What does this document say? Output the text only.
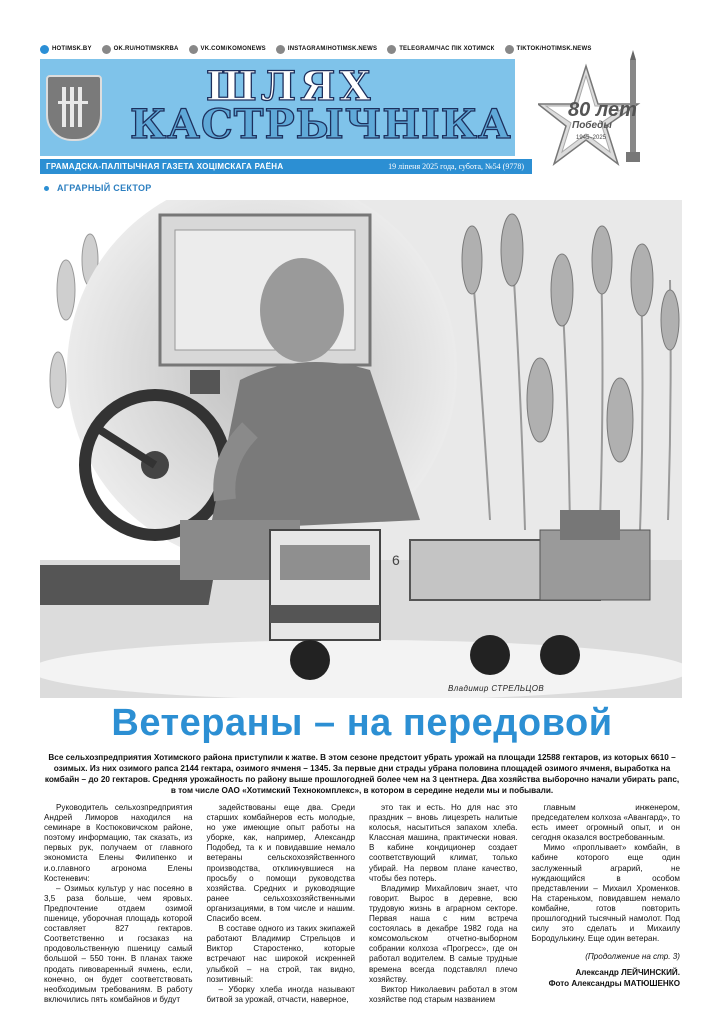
HOTIMSK.BY	OK.RU/HOTIMSKRBA	VK.COM/KOMONEWS	INSTAGRAM/HOTIMSK.NEWS	TELEGRAM/ЧАС ПІК ХОТИМСК	TIKTOK/HOTIMSK.NEWS
ШЛЯХ
КАСТРЫЧНІКА
ГРАМАДСКА-ПАЛІТЫЧНАЯ ГАЗЕТА ХОЦІМСКАГА РАЁНА	19 ліпеня 2025 года, субота, №54 (9778)
80 лет
Победы
1945–2025
АГРАРНЫЙ СЕКТОР
6
Владимир СТРЕЛЬЦОВ
Ветераны – на передовой
Все сельхозпредприятия Хотимского района приступили к жатве. В этом сезоне предстоит убрать урожай на площади 12588 гектаров, из которых 6610 – озимых. Из них озимого рапса 2144 гектара, озимого ячменя – 1345. За первые дни страды убрана половина площадей озимого ячменя, выработка на комбайн – до 20 гектаров. Средняя урожайность по району выше прошлогодней более чем на 3 центнера. Два хозяйства выборочно начали убирать рапс, в том числе ОАО «Хотимский Технокомплекс», в котором в середине недели мы и побывали.

Руководитель сельхозпредприятия Андрей Лиморов находился на семинаре в Костюковичском районе, поэтому информацию, так сказать, из первых рук, получаем от главного экономиста Елены Филипенко и и.о.главного агронома Елены Костеневич:

– Озимых культур у нас посеяно в 3,5 раза больше, чем яровых. Предпочтение отдаем озимой пшенице, уборочная площадь которой составляет 827 гектаров. Соответственно и госзаказ на продовольственную пшеницу самый большой – 550 тонн. В планах также продать пивоваренный ячмень, если, конечно, он будет соответствовать необходимым требованиям. В работу включились пять комбайнов и будут

задействованы еще два. Среди старших комбайнеров есть молодые, но уже имеющие опыт работы на уборке, как, например, Александр Подобед, та к и повидавшие немало ветераны сельскохозяйственного производства, откликнувшиеся на просьбу о помощи руководства хозяйства. Средних и руководящие ранее сельхозхозяйственными организациями, в том числе и нашим. Спасибо всем.

В составе одного из таких экипажей работают Владимир Стрельцов и Виктор Старостенко, которые встречают нас широкой искренней улыбкой – на строй, так видно, позитивный:

– Уборку хлеба иногда называют битвой за урожай, отчасти, наверное,

это так и есть. Но для нас это праздник – вновь лицезреть налитые колосья, насытиться запахом хлеба. Классная машина, практически новая. В кабине кондиционер создает соответствующий климат, только убирай. На первом плане качество, чтобы без потерь.

Владимир Михайлович знает, что говорит. Вырос в деревне, всю трудовую жизнь в аграрном секторе. Первая наша с ним встреча состоялась в декабре 1982 года на комсомольском отчетно-выборном собрании колхоза «Прогресс», где он работал водителем. В самые трудные времена всегда подставлял плечо хозяйству.

Виктор Николаевич работал в этом хозяйстве под старым названием

главным инженером, председателем колхоза «Авангард», то есть имеет огромный опыт, и он сегодня оказался востребованным.

Мимо «проплывает» комбайн, в кабине которого еще один заслуженный аграрий, не нуждающийся в особом представлении – Михаил Хроменков. На стареньком, повидавшем немало комбайне, готов повторить прошлогодний тысячный намолот. Под силу это сделать и Михаилу Бородулькину. Еще один ветеран.

(Продолжение на стр. 3)

Александр ЛЕЙЧИНСКИЙ.

Фото Александры МАТЮШЕНКО
